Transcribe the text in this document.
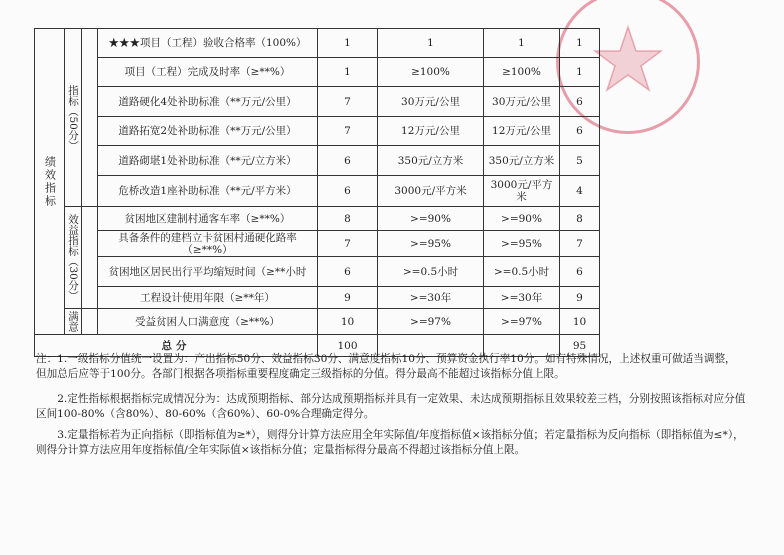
绩效指标	指标（50分）		★★★项目（工程）验收合格率（100%）	1	1	1	1
			项目（工程）完成及时率（≥**%）	1	≥100%	≥100%	1
			道路硬化4处补助标准（**万元/公里）	7	30万元/公里	30万元/公里	6
			道路拓宽2处补助标准（**万元/公里）	7	12万元/公里	12万元/公里	6
			道路砌堪1处补助标准（**元/立方米）	6	350元/立方米	350元/立方米	5
			危桥改造1座补助标准（**元/平方米）	6	3000元/平方米	3000元/平方米	4
	效益指标（30分）		贫困地区建制村通客车率（≥**%）	8	>=90%	>=90%	8
			具备条件的建档立卡贫困村通硬化路率（≥**%）	7	>=95%	>=95%	7
			贫困地区居民出行平均缩短时间（≥**小时	6	>=0.5小时	>=0.5小时	6
			工程设计使用年限（≥**年）	9	>=30年	>=30年	9
	满意		受益贫困人口满意度（≥**%）	10	>=97%	>=97%	10
总分				100			95

注：1.一级指标分值统一设置为：产出指标50分、效益指标30分、满意度指标10分、预算资金执行率10分。如有特殊情况，上述权重可做适当调整，但加总后应等于100分。各部门根据各项指标重要程度确定三级指标的分值。得分最高不能超过该指标分值上限。

2.定性指标根据指标完成情况分为：达成预期指标、部分达成预期指标并具有一定效果、未达成预期指标且效果较差三档，分别按照该指标对应分值区间100-80%（含80%）、80-60%（含60%）、60-0%合理确定得分。

3.定量指标若为正向指标（即指标值为≥*），则得分计算方法应用全年实际值/年度指标值×该指标分值；若定量指标为反向指标（即指标值为≤*），则得分计算方法应用年度指标值/全年实际值×该指标分值；定量指标得分最高不得超过该指标分值上限。
